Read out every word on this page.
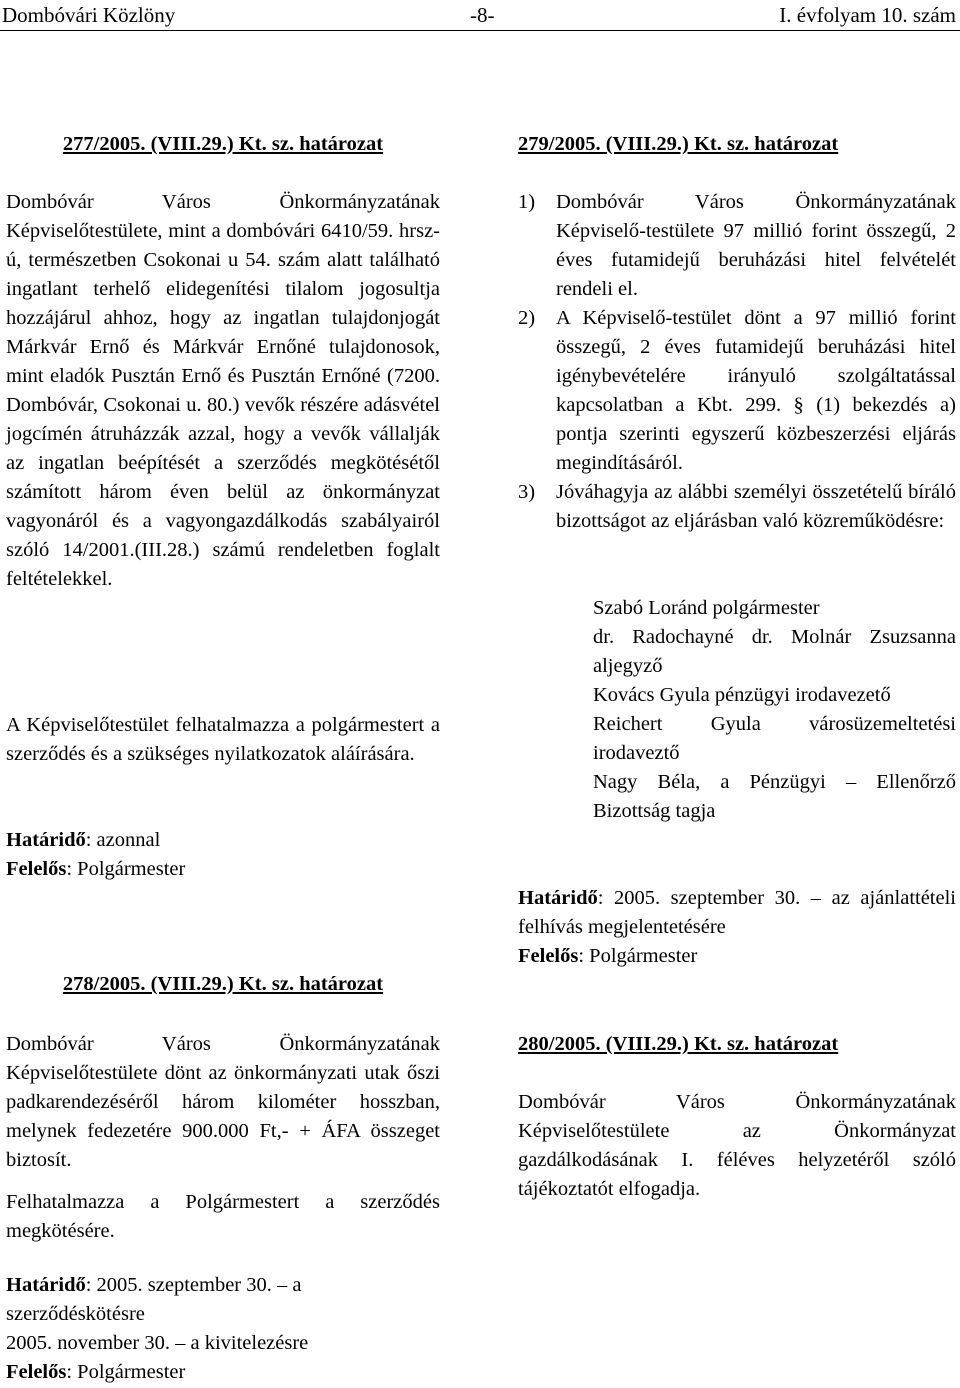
Dombóvári Közlöny	-8-	I. évfolyam 10. szám
277/2005. (VIII.29.) Kt. sz. határozat
Dombóvár Város Önkormányzatának Képviselőtestülete, mint a dombóvári 6410/59. hrsz-ú, természetben Csokonai u 54. szám alatt található ingatlant terhelő elidegenítési tilalom jogosultja hozzájárul ahhoz, hogy az ingatlan tulajdonjogát Márkvár Ernő és Márkvár Ernőné tulajdonosok, mint eladók Pusztán Ernő és Pusztán Ernőné (7200. Dombóvár, Csokonai u. 80.) vevők részére adásvétel jogcímén átruházzák azzal, hogy a vevők vállalják az ingatlan beépítését a szerződés megkötésétől számított három éven belül az önkormányzat vagyonáról és a vagyongazdálkodás szabályairól szóló 14/2001.(III.28.) számú rendeletben foglalt feltételekkel.
A Képviselőtestület felhatalmazza a polgármestert a szerződés és a szükséges nyilatkozatok aláírására.
Határidő: azonnal
Felelős: Polgármester
278/2005. (VIII.29.) Kt. sz. határozat
Dombóvár Város Önkormányzatának Képviselőtestülete dönt az önkormányzati utak őszi padkarendezéséről három kilométer hosszban, melynek fedezetére 900.000 Ft,- + ÁFA összeget biztosít.
Felhatalmazza a Polgármestert a szerződés megkötésére.
Határidő: 2005. szeptember 30. – a szerződéskötésre
2005. november 30. – a kivitelezésre
Felelős: Polgármester
279/2005. (VIII.29.) Kt. sz. határozat
1) Dombóvár Város Önkormányzatának Képviselő-testülete 97 millió forint összegű, 2 éves futamidejű beruházási hitel felvételét rendeli el.
2) A Képviselő-testület dönt a 97 millió forint összegű, 2 éves futamidejű beruházási hitel igénybevételére irányuló szolgáltatással kapcsolatban a Kbt. 299. § (1) bekezdés a) pontja szerinti egyszerű közbeszerzési eljárás megindításáról.
3) Jóváhagyja az alábbi személyi összetételű bíráló bizottságot az eljárásban való közreműködésre:
Szabó Loránd polgármester
dr. Radochayné dr. Molnár Zsuzsanna aljegyző
Kovács Gyula pénzügyi irodavezető
Reichert Gyula városüzemeltetési irodaveztő
Nagy Béla, a Pénzügyi – Ellenőrző Bizottság tagja
Határidő: 2005. szeptember 30. – az ajánlattételi felhívás megjelentetésére
Felelős: Polgármester
280/2005. (VIII.29.) Kt. sz. határozat
Dombóvár Város Önkormányzatának Képviselőtestülete az Önkormányzat gazdálkodásának I. féléves helyzetéről szóló tájékoztatót elfogadja.
